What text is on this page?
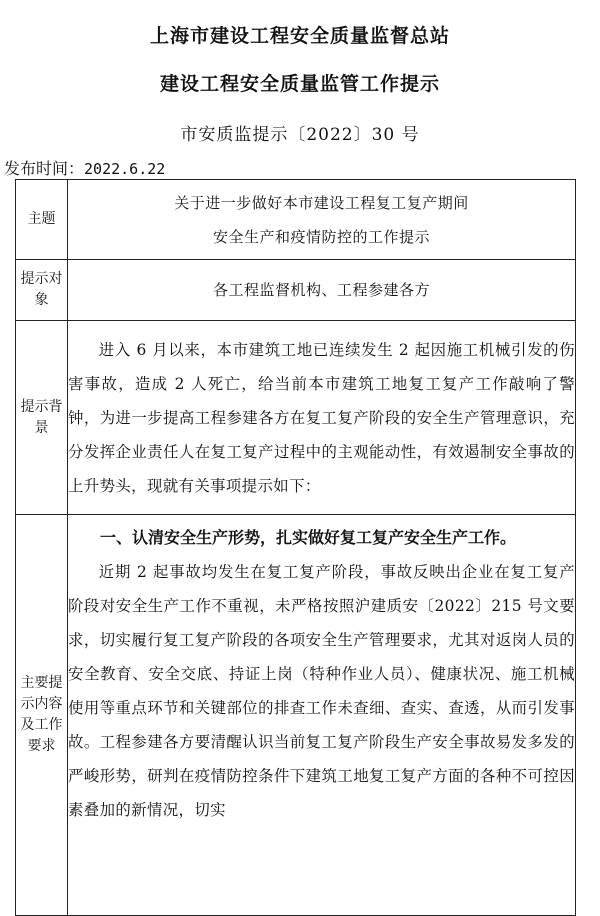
上海市建设工程安全质量监督总站
建设工程安全质量监管工作提示
市安质监提示〔2022〕30 号
发布时间：2022.6.22
主题	关于进一步做好本市建设工程复工复产期间
安全生产和疫情防控的工作提示

提示对象	各工程监督机构、工程参建各方

提示背景	进入 6 月以来，本市建筑工地已连续发生 2 起因施工机械引发的伤害事故，造成 2 人死亡，给当前本市建筑工地复工复产工作敲响了警钟，为进一步提高工程参建各方在复工复产阶段的安全生产管理意识，充分发挥企业责任人在复工复产过程中的主观能动性，有效遏制安全事故的上升势头，现就有关事项提示如下：

主要提示内容及工作要求	一、认清安全生产形势，扎实做好复工复产安全生产工作。

近期 2 起事故均发生在复工复产阶段，事故反映出企业在复工复产阶段对安全生产工作不重视，未严格按照沪建质安〔2022〕215 号文要求，切实履行复工复产阶段的各项安全生产管理要求，尤其对返岗人员的安全教育、安全交底、持证上岗（特种作业人员）、健康状况、施工机械使用等重点环节和关键部位的排查工作未查细、查实、查透，从而引发事故。工程参建各方要清醒认识当前复工复产阶段生产安全事故易发多发的严峻形势，研判在疫情防控条件下建筑工地复工复产方面的各种不可控因素叠加的新情况，切实
